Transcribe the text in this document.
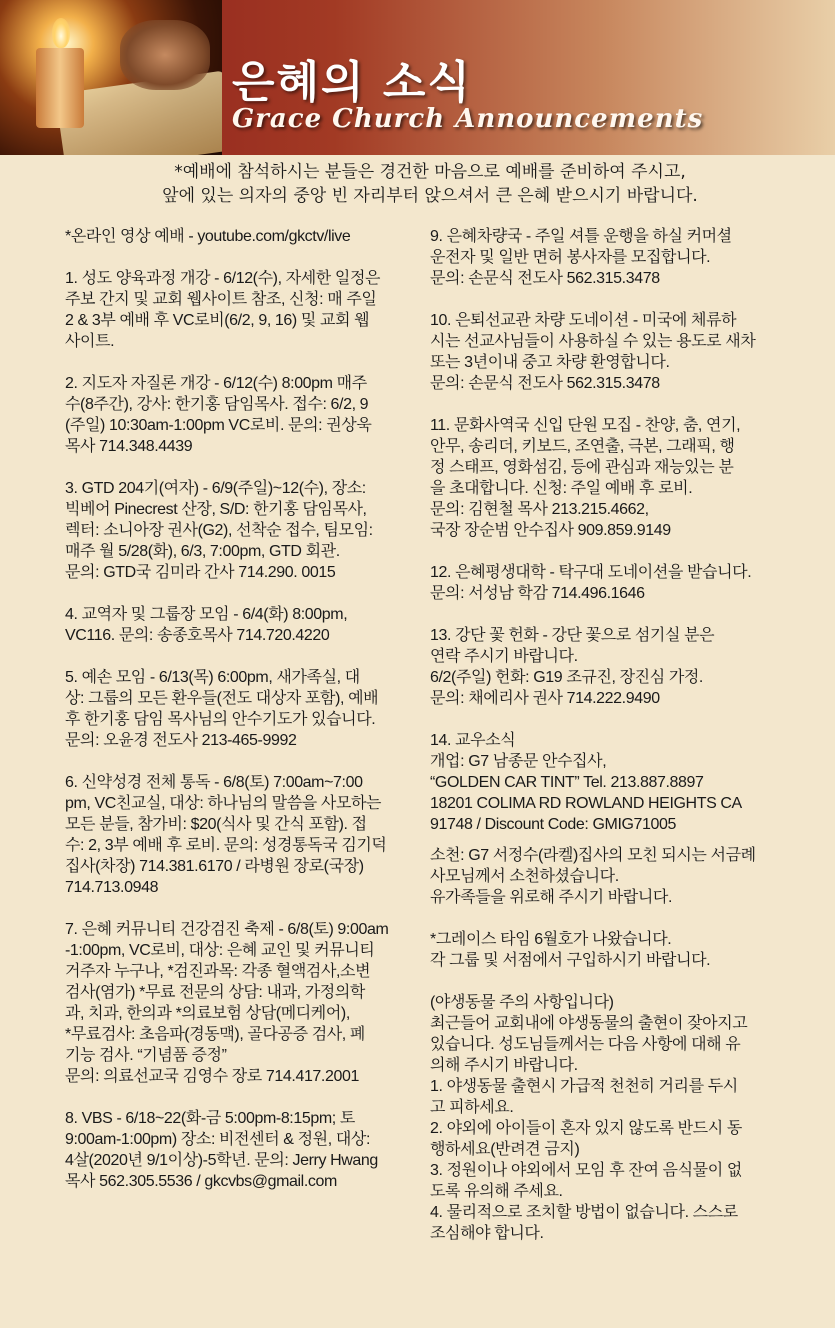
은혜의 소식
Grace Church Announcements
*예배에 참석하시는 분들은 경건한 마음으로 예배를 준비하여 주시고,
앞에 있는 의자의 중앙 빈 자리부터 앉으셔서 큰 은혜 받으시기 바랍니다.
*온라인 영상 예배 - youtube.com/gkctv/live
1. 성도 양육과정 개강 - 6/12(수), 자세한 일정은
주보 간지 및 교회 웹사이트 참조, 신청: 매 주일
2 & 3부 예배 후 VC로비(6/2, 9, 16) 및 교회 웹
사이트.
2. 지도자 자질론 개강 - 6/12(수) 8:00pm 매주
수(8주간), 강사: 한기홍 담임목사. 접수: 6/2, 9
(주일) 10:30am-1:00pm VC로비. 문의: 권상욱
목사 714.348.4439
3. GTD 204기(여자) - 6/9(주일)~12(수), 장소:
빅베어 Pinecrest 산장, S/D: 한기홍 담임목사,
렉터: 소니아장 권사(G2), 선착순 접수, 팀모임:
매주 월 5/28(화), 6/3, 7:00pm, GTD 회관.
문의: GTD국 김미라 간사 714.290. 0015
4. 교역자 및 그룹장 모임 - 6/4(화) 8:00pm,
VC116. 문의: 송종호목사 714.720.4220
5. 예손 모임 - 6/13(목) 6:00pm, 새가족실, 대
상: 그룹의 모든 환우들(전도 대상자 포함), 예배
후 한기홍 담임 목사님의 안수기도가 있습니다.
문의: 오윤경 전도사 213-465-9992
6. 신약성경 전체 통독 - 6/8(토) 7:00am~7:00
pm, VC친교실, 대상: 하나님의 말씀을 사모하는
모든 분들, 참가비: $20(식사 및 간식 포함). 접
수: 2, 3부 예배 후 로비. 문의: 성경통독국 김기덕
집사(차장) 714.381.6170 / 라병원 장로(국장)
714.713.0948
7. 은혜 커뮤니티 건강검진 축제 - 6/8(토) 9:00am
-1:00pm, VC로비, 대상: 은혜 교인 및 커뮤니티
거주자 누구나, *검진과목: 각종 혈액검사,소변
검사(염가) *무료 전문의 상담: 내과, 가정의학
과, 치과, 한의과 *의료보험 상담(메디케어),
*무료검사: 초음파(경동맥), 골다공증 검사, 폐
기능 검사. “기념품 증정”
문의: 의료선교국 김영수 장로 714.417.2001
8. VBS - 6/18~22(화-금 5:00pm-8:15pm; 토
9:00am-1:00pm) 장소: 비전센터 & 정원, 대상:
4살(2020년 9/1이상)-5학년. 문의: Jerry Hwang
목사 562.305.5536 / gkcvbs@gmail.com
9. 은혜차량국 - 주일 셔틀 운행을 하실 커머셜
운전자 및 일반 면허 봉사자를 모집합니다.
문의: 손문식 전도사 562.315.3478
10. 은퇴선교관 차량 도네이션 - 미국에 체류하
시는 선교사님들이 사용하실 수 있는 용도로 새차
또는 3년이내 중고 차량 환영합니다.
문의: 손문식 전도사 562.315.3478
11. 문화사역국 신입 단원 모집 - 찬양, 춤, 연기,
안무, 송리더, 키보드, 조연출, 극본, 그래픽, 행
정 스태프, 영화섬김, 등에 관심과 재능있는 분
을 초대합니다. 신청: 주일 예배 후 로비.
문의: 김현철 목사 213.215.4662,
국장 장순범 안수집사 909.859.9149
12. 은혜평생대학 - 탁구대 도네이션을 받습니다.
문의: 서성남 학감 714.496.1646
13. 강단 꽃 헌화 - 강단 꽃으로 섬기실 분은
연락 주시기 바랍니다.
6/2(주일) 헌화: G19 조규진, 장진심 가정.
문의: 채에리사 권사 714.222.9490
14. 교우소식
개업: G7 남종문 안수집사,
“GOLDEN CAR TINT” Tel. 213.887.8897
18201 COLIMA RD ROWLAND HEIGHTS CA
91748 / Discount Code: GMIG71005
소천: G7 서정수(라켈)집사의 모친 되시는 서금례
사모님께서 소천하셨습니다.
유가족들을 위로해 주시기 바랍니다.
*그레이스 타임 6월호가 나왔습니다.
각 그룹 및 서점에서 구입하시기 바랍니다.
(야생동물 주의 사항입니다)
최근들어 교회내에 야생동물의 출현이 잦아지고
있습니다. 성도님들께서는 다음 사항에 대해 유
의해 주시기 바랍니다.
1. 야생동물 출현시 가급적 천천히 거리를 두시
고 피하세요.
2. 야외에 아이들이 혼자 있지 않도록 반드시 동
행하세요(반려견 금지)
3. 정원이나 야외에서 모임 후 잔여 음식물이 없
도록 유의해 주세요.
4. 물리적으로 조치할 방법이 없습니다. 스스로
조심해야 합니다.
